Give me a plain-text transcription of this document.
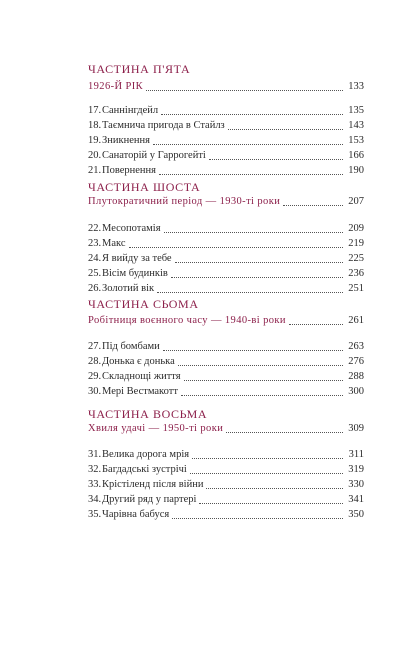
ЧАСТИНА П'ЯТА
1926-Й РІК	133
17. Саннінгдейл	135
18. Таємнича пригода в Стайлз	143
19. Зникнення	153
20. Санаторій у Гаррогейті	166
21. Повернення	190
ЧАСТИНА ШОСТА
Плутократичний період — 1930-ті роки	207
22. Месопотамія	209
23. Макс	219
24. Я вийду за тебе	225
25. Вісім будинків	236
26. Золотий вік	251
ЧАСТИНА СЬОМА
Робітниця воєнного часу — 1940-ві роки	261
27. Під бомбами	263
28. Донька є донька	276
29. Складнощі життя	288
30. Мері Вестмакотт	300
ЧАСТИНА ВОСЬМА
Хвиля удачі — 1950-ті роки	309
31. Велика дорога мрія	311
32. Багдадські зустрічі	319
33. Крістіленд після війни	330
34. Другий ряд у партері	341
35. Чарівна бабуся	350
